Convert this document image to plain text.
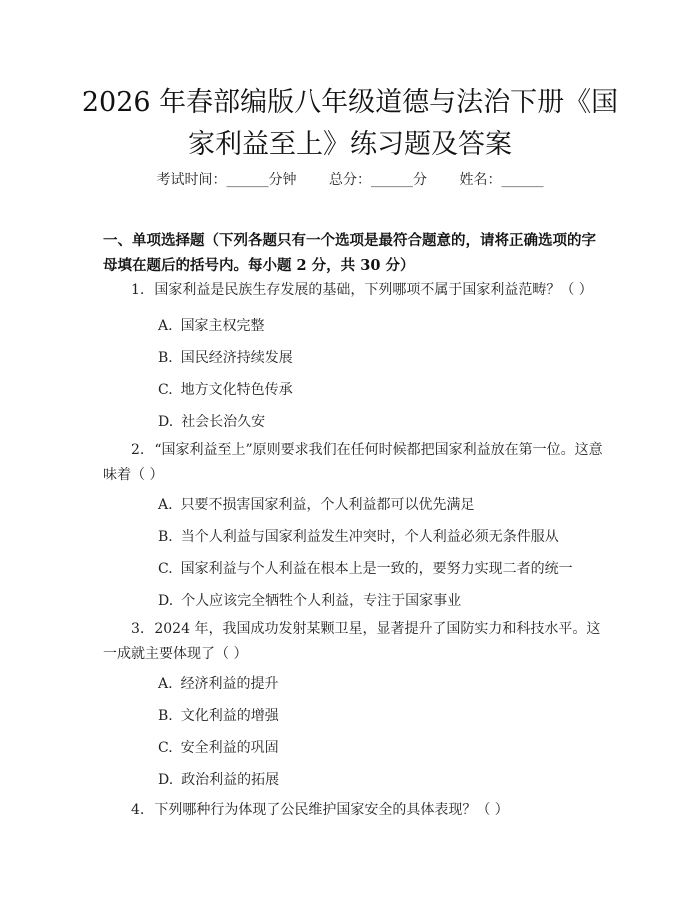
2026 年春部编版八年级道德与法治下册《国
家利益至上》练习题及答案
考试时间：______分钟 总分：______分 姓名：______
一、单项选择题（下列各题只有一个选项是最符合题意的，请将正确选项的字母填在题后的括号内。每小题 2 分，共 30 分）
1. 国家利益是民族生存发展的基础，下列哪项不属于国家利益范畴？（ ）
A. 国家主权完整
B. 国民经济持续发展
C. 地方文化特色传承
D. 社会长治久安
2. “国家利益至上”原则要求我们在任何时候都把国家利益放在第一位。这意味着（ ）
A. 只要不损害国家利益，个人利益都可以优先满足
B. 当个人利益与国家利益发生冲突时，个人利益必须无条件服从
C. 国家利益与个人利益在根本上是一致的，要努力实现二者的统一
D. 个人应该完全牺牲个人利益，专注于国家事业
3. 2024 年，我国成功发射某颗卫星，显著提升了国防实力和科技水平。这一成就主要体现了（ ）
A. 经济利益的提升
B. 文化利益的增强
C. 安全利益的巩固
D. 政治利益的拓展
4. 下列哪种行为体现了公民维护国家安全的具体表现？（ ）
